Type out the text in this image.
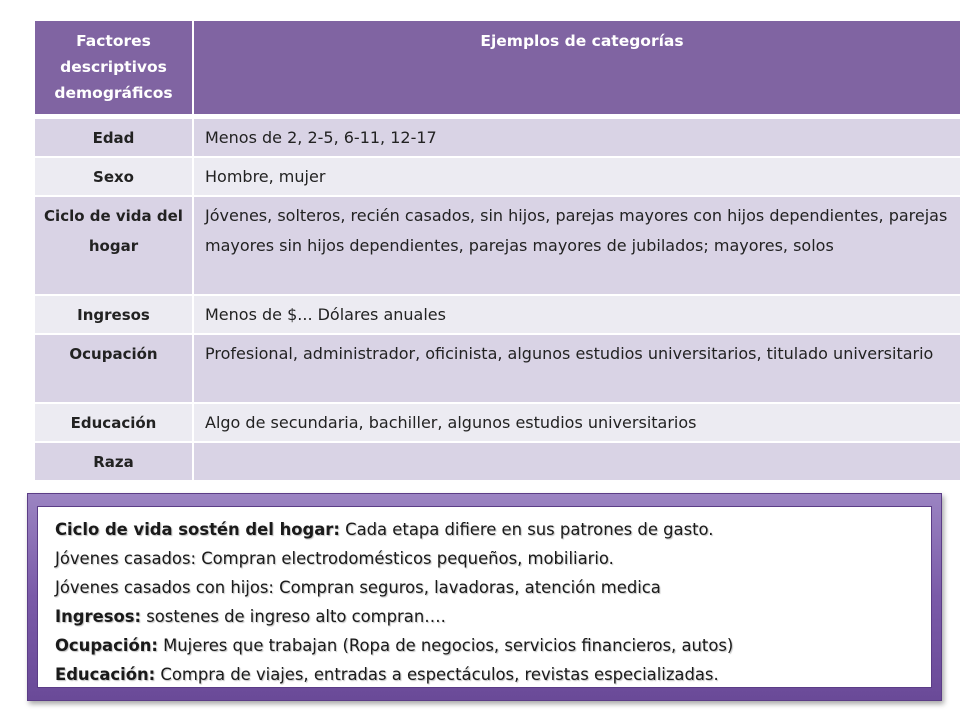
Factores descriptivos demográficos	Ejemplos de categorías
Edad	Menos de 2, 2-5, 6-11, 12-17
Sexo	Hombre, mujer
Ciclo de vida del hogar	Jóvenes, solteros, recién casados, sin hijos, parejas mayores con hijos dependientes, parejas mayores sin hijos dependientes, parejas mayores de jubilados; mayores, solos
Ingresos	Menos de $... Dólares anuales
Ocupación	Profesional, administrador, oficinista, algunos estudios universitarios, titulado universitario
Educación	Algo de secundaria, bachiller, algunos estudios universitarios
Raza	
Ciclo de vida sostén del hogar: Cada etapa difiere en sus patrones de gasto.
Jóvenes casados: Compran electrodomésticos pequeños, mobiliario.
Jóvenes casados con hijos: Compran seguros, lavadoras, atención medica
Ingresos: sostenes de ingreso alto compran….
Ocupación: Mujeres que trabajan (Ropa de negocios, servicios financieros, autos)
Educación: Compra de viajes, entradas a espectáculos, revistas especializadas.
